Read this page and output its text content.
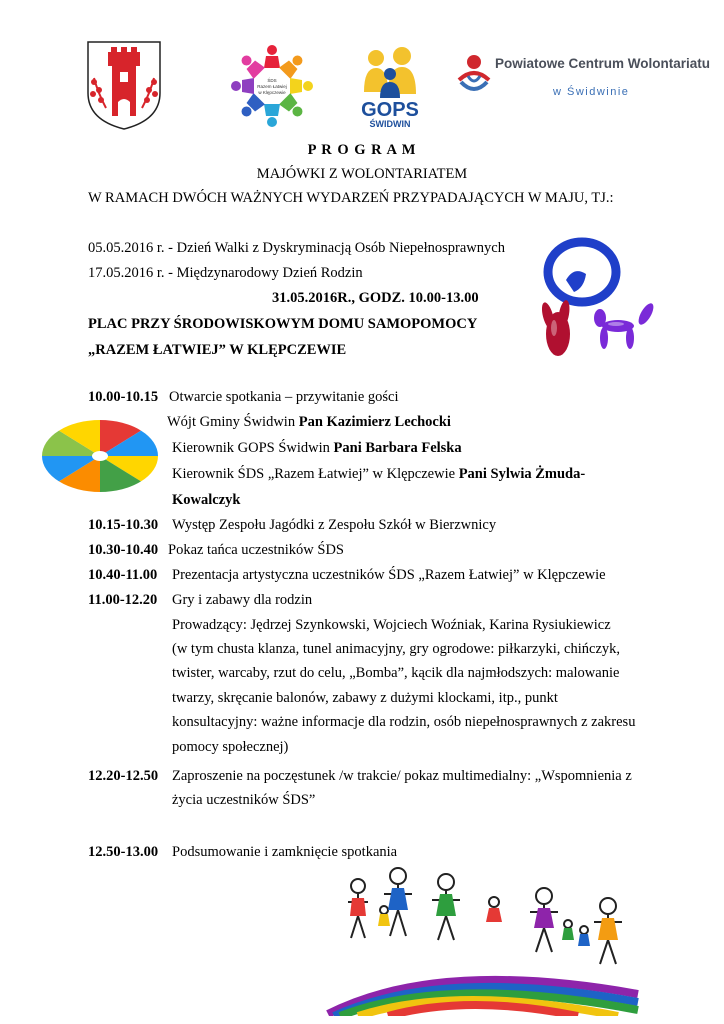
ŚDS
Razem Łatwiej
w Klępczewie
GOPS
ŚWIDWIN
Powiatowe Centrum Wolontariatu
w Świdwinie
P R O G R A M
MAJÓWKI Z WOLONTARIATEM
W RAMACH DWÓCH WAŻNYCH WYDARZEŃ PRZYPADAJĄCYCH W MAJU, TJ.:
05.05.2016 r. - Dzień Walki z Dyskryminacją Osób Niepełnosprawnych
17.05.2016 r. - Międzynarodowy Dzień Rodzin
31.05.2016R., GODZ. 10.00-13.00
PLAC PRZY ŚRODOWISKOWYM DOMU SAMOPOMOCY
„RAZEM ŁATWIEJ” W KLĘPCZEWIE
10.00-10.15 Otwarcie spotkania – przywitanie gości
Wójt Gminy Świdwin Pan Kazimierz Lechocki
Kierownik GOPS Świdwin Pani Barbara Felska
Kierownik ŚDS „Razem Łatwiej” w Klępczewie Pani Sylwia Żmuda-
Kowalczyk
10.15-10.30 Występ Zespołu Jagódki z Zespołu Szkół w Bierzwnicy
10.30-10.40 Pokaz tańca uczestników ŚDS
10.40-11.00 Prezentacja artystyczna uczestników ŚDS „Razem Łatwiej” w Klępczewie
11.00-12.20 Gry i zabawy dla rodzin
Prowadzący: Jędrzej Szynkowski, Wojciech Woźniak, Karina Rysiukiewicz
(w tym chusta klanza, tunel animacyjny, gry ogrodowe: piłkarzyki, chińczyk,
twister, warcaby, rzut do celu, „Bomba”, kącik dla najmłodszych: malowanie
twarzy, skręcanie balonów, zabawy z dużymi klockami, itp., punkt
konsultacyjny: ważne informacje dla rodzin, osób niepełnosprawnych z zakresu
pomocy społecznej)
12.20-12.50 Zaproszenie na poczęstunek /w trakcie/ pokaz multimedialny: „Wspomnienia z
życia uczestników ŚDS”
12.50-13.00 Podsumowanie i zamknięcie spotkania
